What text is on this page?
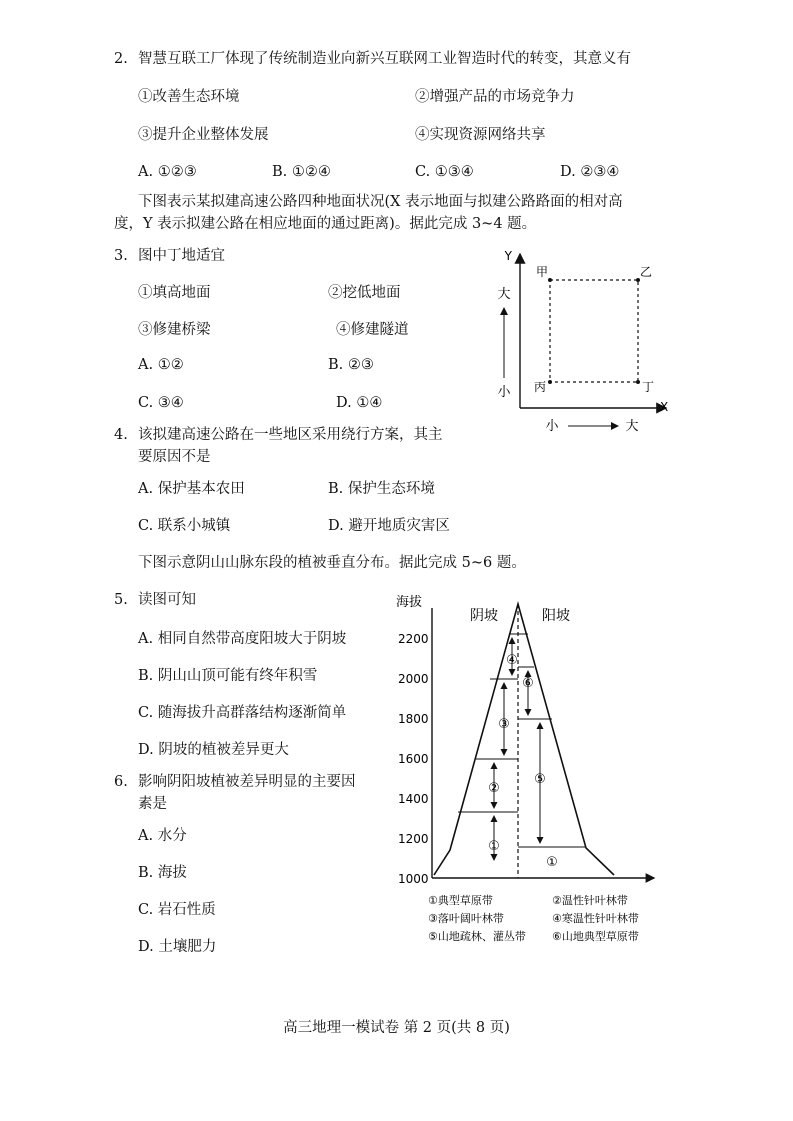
2. 智慧互联工厂体现了传统制造业向新兴互联网工业智造时代的转变，其意义有
①改善生态环境	②增强产品的市场竞争力
③提升企业整体发展	④实现资源网络共享
A. ①②③	B. ①②④	C. ①③④	D. ②③④
下图表示某拟建高速公路四种地面状况(X 表示地面与拟建公路路面的相对高
度，Y 表示拟建公路在相应地面的通过距离)。据此完成 3~4 题。
3. 图中丁地适宜
①填高地面	②挖低地面
③修建桥梁	④修建隧道
A. ①②	B. ②③
C. ③④	D. ①④
Y
X
大
小
小	大
甲	乙
丙	丁
4. 该拟建高速公路在一些地区采用绕行方案，其主
要原因不是
A. 保护基本农田	B. 保护生态环境
C. 联系小城镇	D. 避开地质灾害区
下图示意阴山山脉东段的植被垂直分布。据此完成 5~6 题。
5. 读图可知
A. 相同自然带高度阳坡大于阴坡
B. 阴山山顶可能有终年积雪
C. 随海拔升高群落结构逐渐简单
D. 阴坡的植被差异更大
6. 影响阴阳坡植被差异明显的主要因
素是
A. 水分
B. 海拔
C. 岩石性质
D. 土壤肥力
海拔
2200
2000
1800
1600
1400
1200
1000
阴坡	阳坡
①
②
③
④
⑥
⑤
①
①典型草原带	②温性针叶林带
③落叶阔叶林带	④寒温性针叶林带
⑤山地疏林、灌丛带 ⑥山地典型草原带
高三地理一模试卷 第 2 页(共 8 页)
